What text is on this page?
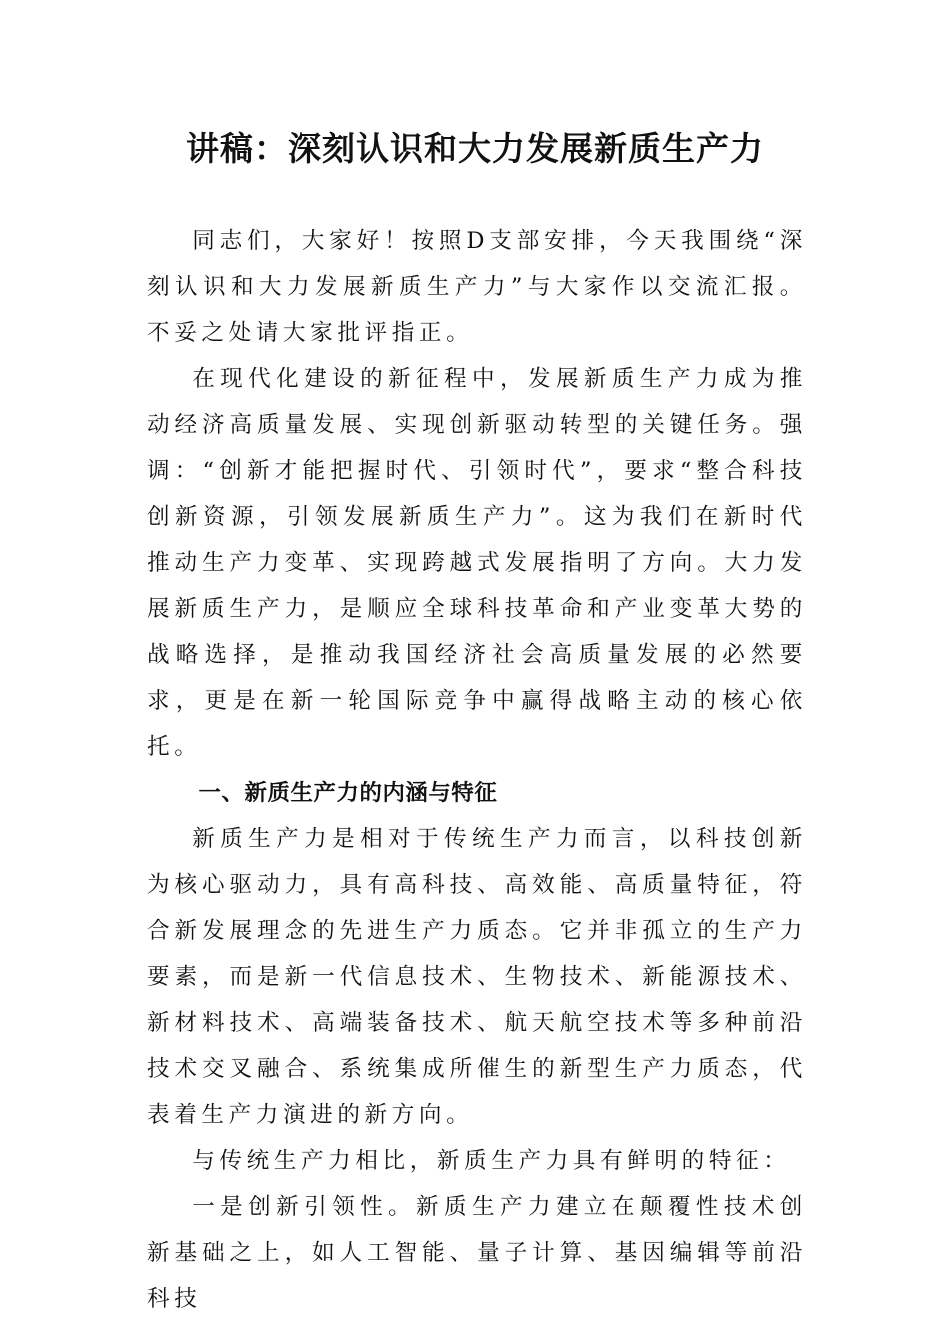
讲稿：深刻认识和大力发展新质生产力

同志们，大家好！按照D支部安排，今天我围绕“深刻认识和大力发展新质生产力”与大家作以交流汇报。不妥之处请大家批评指正。

在现代化建设的新征程中，发展新质生产力成为推动经济高质量发展、实现创新驱动转型的关键任务。强调：“创新才能把握时代、引领时代”，要求“整合科技创新资源，引领发展新质生产力”。这为我们在新时代推动生产力变革、实现跨越式发展指明了方向。大力发展新质生产力，是顺应全球科技革命和产业变革大势的战略选择，是推动我国经济社会高质量发展的必然要求，更是在新一轮国际竞争中赢得战略主动的核心依托。

一、新质生产力的内涵与特征

新质生产力是相对于传统生产力而言，以科技创新为核心驱动力，具有高科技、高效能、高质量特征，符合新发展理念的先进生产力质态。它并非孤立的生产力要素，而是新一代信息技术、生物技术、新能源技术、新材料技术、高端装备技术、航天航空技术等多种前沿技术交叉融合、系统集成所催生的新型生产力质态，代表着生产力演进的新方向。

与传统生产力相比，新质生产力具有鲜明的特征：

一是创新引领性。新质生产力建立在颠覆性技术创新基础之上，如人工智能、量子计算、基因编辑等前沿科技
